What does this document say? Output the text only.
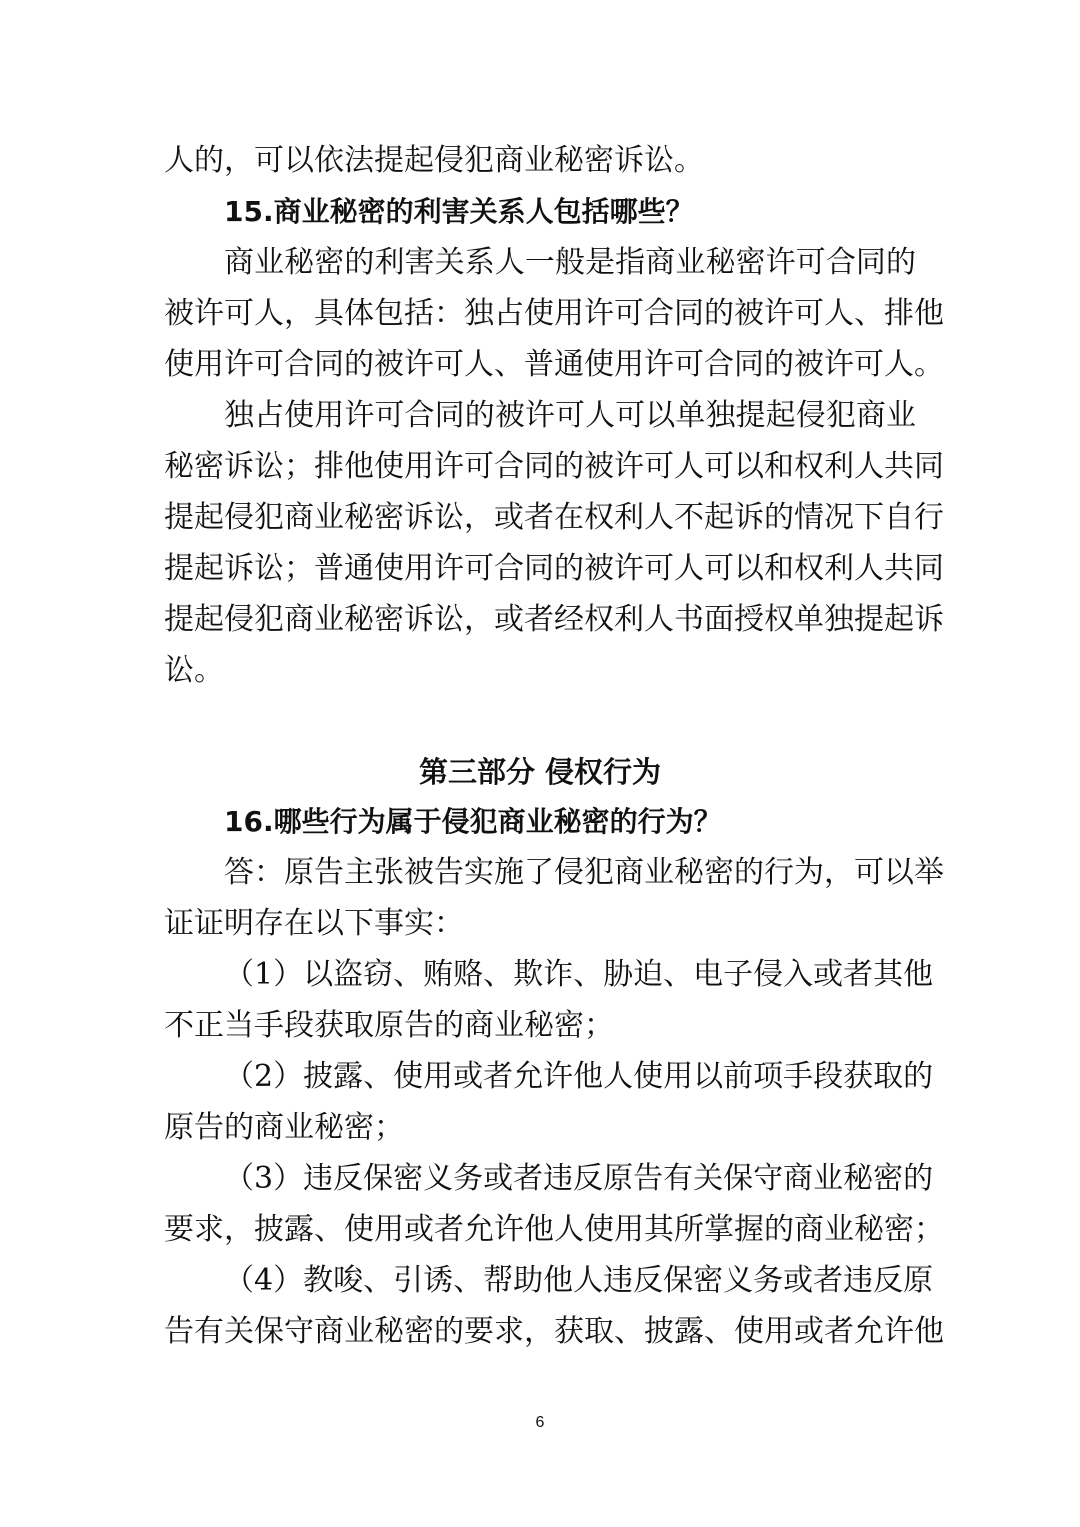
人的，可以依法提起侵犯商业秘密诉讼。
15.商业秘密的利害关系人包括哪些？
商业秘密的利害关系人一般是指商业秘密许可合同的
被许可人，具体包括：独占使用许可合同的被许可人、排他
使用许可合同的被许可人、普通使用许可合同的被许可人。
独占使用许可合同的被许可人可以单独提起侵犯商业
秘密诉讼；排他使用许可合同的被许可人可以和权利人共同
提起侵犯商业秘密诉讼，或者在权利人不起诉的情况下自行
提起诉讼；普通使用许可合同的被许可人可以和权利人共同
提起侵犯商业秘密诉讼，或者经权利人书面授权单独提起诉
讼。
第三部分 侵权行为
16.哪些行为属于侵犯商业秘密的行为？
答：原告主张被告实施了侵犯商业秘密的行为，可以举
证证明存在以下事实：
（1）以盗窃、贿赂、欺诈、胁迫、电子侵入或者其他
不正当手段获取原告的商业秘密；
（2）披露、使用或者允许他人使用以前项手段获取的
原告的商业秘密；
（3）违反保密义务或者违反原告有关保守商业秘密的
要求，披露、使用或者允许他人使用其所掌握的商业秘密；
（4）教唆、引诱、帮助他人违反保密义务或者违反原
告有关保守商业秘密的要求，获取、披露、使用或者允许他
6
